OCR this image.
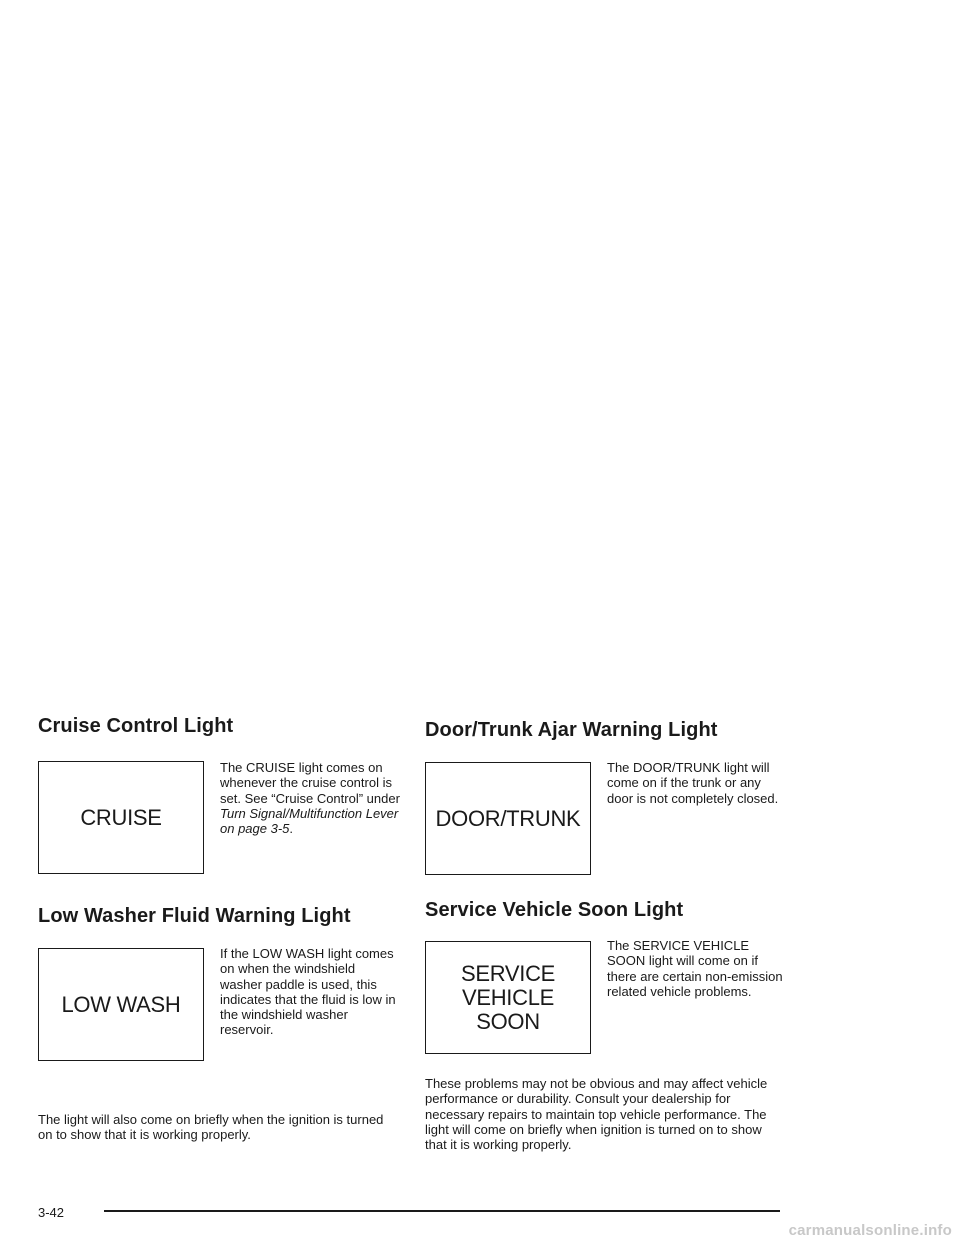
Cruise Control Light
CRUISE

The CRUISE light comes on whenever the cruise control is set. See “Cruise Control” under Turn Signal/Multifunction Lever on page 3-5.

Low Washer Fluid Warning Light
LOW WASH

If the LOW WASH light comes on when the windshield washer paddle is used, this indicates that the fluid is low in the windshield washer reservoir.

The light will also come on briefly when the ignition is turned on to show that it is working properly.

Door/Trunk Ajar Warning Light
DOOR/TRUNK

The DOOR/TRUNK light will come on if the trunk or any door is not completely closed.

Service Vehicle Soon Light
SERVICE
VEHICLE
SOON

The SERVICE VEHICLE SOON light will come on if there are certain non-emission related vehicle problems.

These problems may not be obvious and may affect vehicle performance or durability. Consult your dealership for necessary repairs to maintain top vehicle performance. The light will come on briefly when ignition is turned on to show that it is working properly.

3-42
carmanualsonline.info
